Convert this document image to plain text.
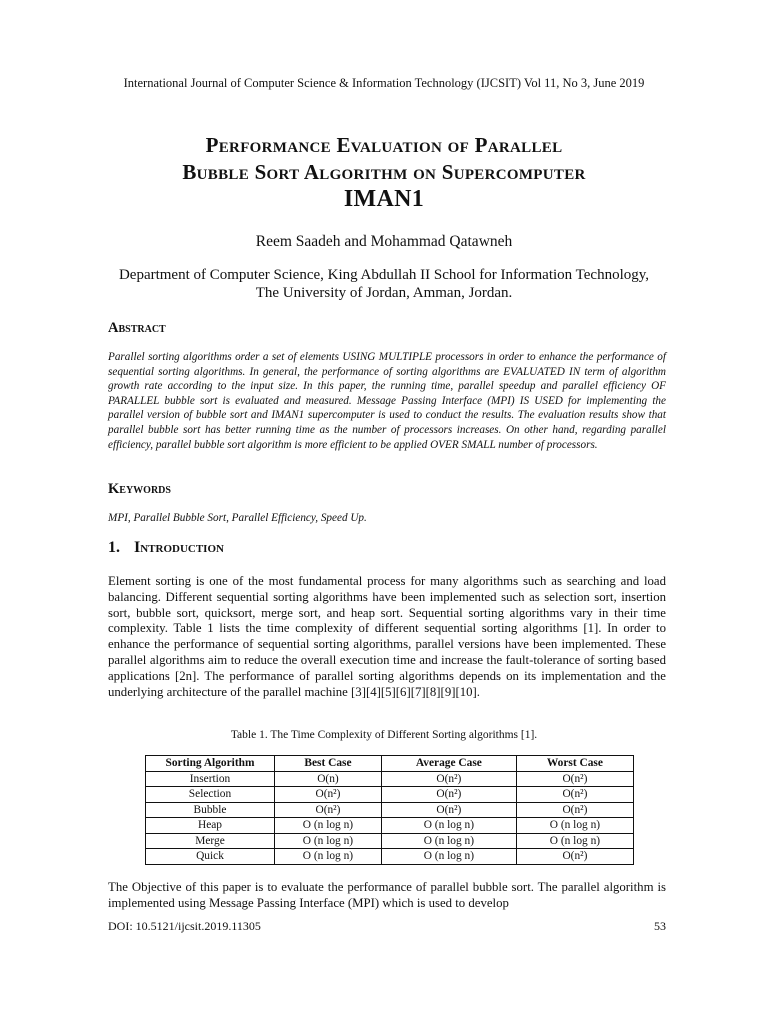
International Journal of Computer Science & Information Technology (IJCSIT) Vol 11, No 3, June 2019
Performance Evaluation of Parallel
Bubble Sort Algorithm on Supercomputer
IMAN1
Reem Saadeh and Mohammad Qatawneh
Department of Computer Science, King Abdullah II School for Information Technology,
The University of Jordan, Amman, Jordan.
Abstract
Parallel sorting algorithms order a set of elements USING MULTIPLE processors in order to enhance the performance of sequential sorting algorithms. In general, the performance of sorting algorithms are EVALUATED IN term of algorithm growth rate according to the input size. In this paper, the running time, parallel speedup and parallel efficiency OF PARALLEL bubble sort is evaluated and measured. Message Passing Interface (MPI) IS USED for implementing the parallel version of bubble sort and IMAN1 supercomputer is used to conduct the results. The evaluation results show that parallel bubble sort has better running time as the number of processors increases. On other hand, regarding parallel efficiency, parallel bubble sort algorithm is more efficient to be applied OVER SMALL number of processors.
Keywords
MPI, Parallel Bubble Sort, Parallel Efficiency, Speed Up.
1. Introduction
Element sorting is one of the most fundamental process for many algorithms such as searching and load balancing. Different sequential sorting algorithms have been implemented such as selection sort, insertion sort, bubble sort, quicksort, merge sort, and heap sort. Sequential sorting algorithms vary in their time complexity. Table 1 lists the time complexity of different sequential sorting algorithms [1]. In order to enhance the performance of sequential sorting algorithms, parallel versions have been implemented. These parallel algorithms aim to reduce the overall execution time and increase the fault-tolerance of sorting based applications [2n]. The performance of parallel sorting algorithms depends on its implementation and the underlying architecture of the parallel machine [3][4][5][6][7][8][9][10].
Table 1. The Time Complexity of Different Sorting algorithms [1].
Sorting Algorithm	Best Case	Average Case	Worst Case
Insertion	O(n)	O(n²)	O(n²)
Selection	O(n²)	O(n²)	O(n²)
Bubble	O(n²)	O(n²)	O(n²)
Heap	O (n log n)	O (n log n)	O (n log n)
Merge	O (n log n)	O (n log n)	O (n log n)
Quick	O (n log n)	O (n log n)	O(n²)
The Objective of this paper is to evaluate the performance of parallel bubble sort. The parallel algorithm is implemented using Message Passing Interface (MPI) which is used to develop
DOI: 10.5121/ijcsit.2019.11305	53
